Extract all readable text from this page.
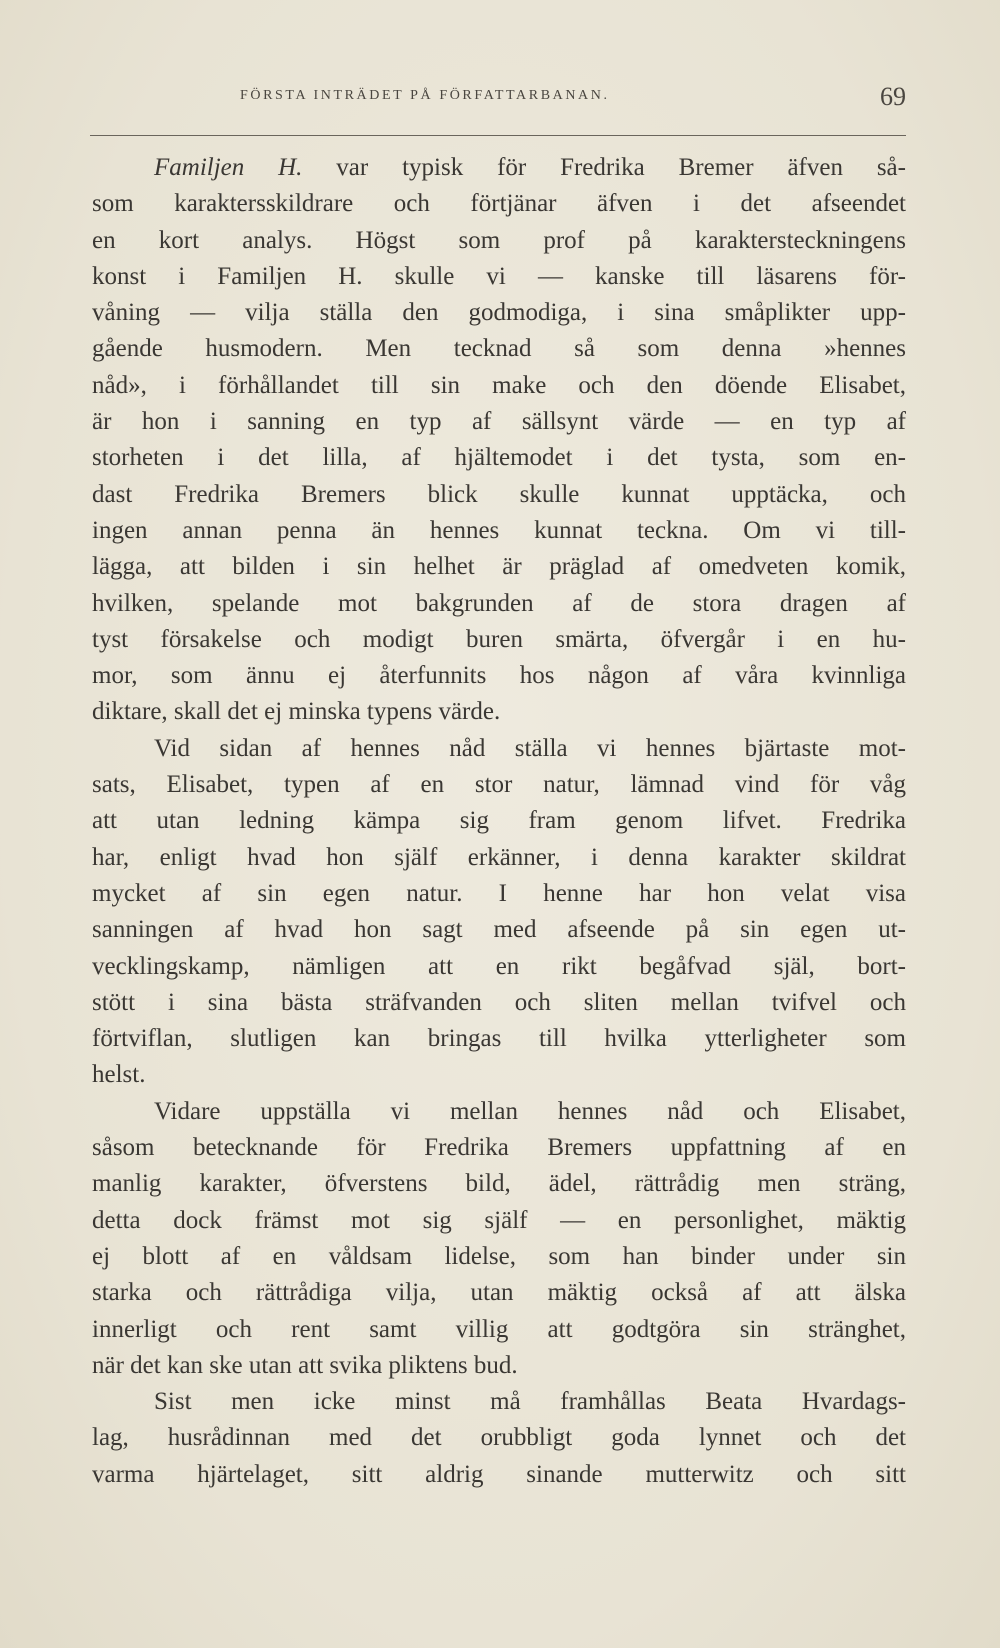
FÖRSTA INTRÄDET PÅ FÖRFATTARBANAN.	69
Familjen H. var typisk för Fredrika Bremer äfven så-
som karaktersskildrare och förtjänar äfven i det afseendet
en kort analys. Högst som prof på karaktersteckningens
konst i Familjen H. skulle vi — kanske till läsarens för-
våning — vilja ställa den godmodiga, i sina småplikter upp-
gående husmodern. Men tecknad så som denna »hennes
nåd», i förhållandet till sin make och den döende Elisabet,
är hon i sanning en typ af sällsynt värde — en typ af
storheten i det lilla, af hjältemodet i det tysta, som en-
dast Fredrika Bremers blick skulle kunnat upptäcka, och
ingen annan penna än hennes kunnat teckna. Om vi till-
lägga, att bilden i sin helhet är präglad af omedveten komik,
hvilken, spelande mot bakgrunden af de stora dragen af
tyst försakelse och modigt buren smärta, öfvergår i en hu-
mor, som ännu ej återfunnits hos någon af våra kvinnliga
diktare, skall det ej minska typens värde.
Vid sidan af hennes nåd ställa vi hennes bjärtaste mot-
sats, Elisabet, typen af en stor natur, lämnad vind för våg
att utan ledning kämpa sig fram genom lifvet. Fredrika
har, enligt hvad hon själf erkänner, i denna karakter skildrat
mycket af sin egen natur. I henne har hon velat visa
sanningen af hvad hon sagt med afseende på sin egen ut-
vecklingskamp, nämligen att en rikt begåfvad själ, bort-
stött i sina bästa sträfvanden och sliten mellan tvifvel och
förtviflan, slutligen kan bringas till hvilka ytterligheter som
helst.
Vidare uppställa vi mellan hennes nåd och Elisabet,
såsom betecknande för Fredrika Bremers uppfattning af en
manlig karakter, öfverstens bild, ädel, rättrådig men sträng,
detta dock främst mot sig själf — en personlighet, mäktig
ej blott af en våldsam lidelse, som han binder under sin
starka och rättrådiga vilja, utan mäktig också af att älska
innerligt och rent samt villig att godtgöra sin stränghet,
när det kan ske utan att svika pliktens bud.
Sist men icke minst må framhållas Beata Hvardags-
lag, husrådinnan med det orubbligt goda lynnet och det
varma hjärtelaget, sitt aldrig sinande mutterwitz och sitt
